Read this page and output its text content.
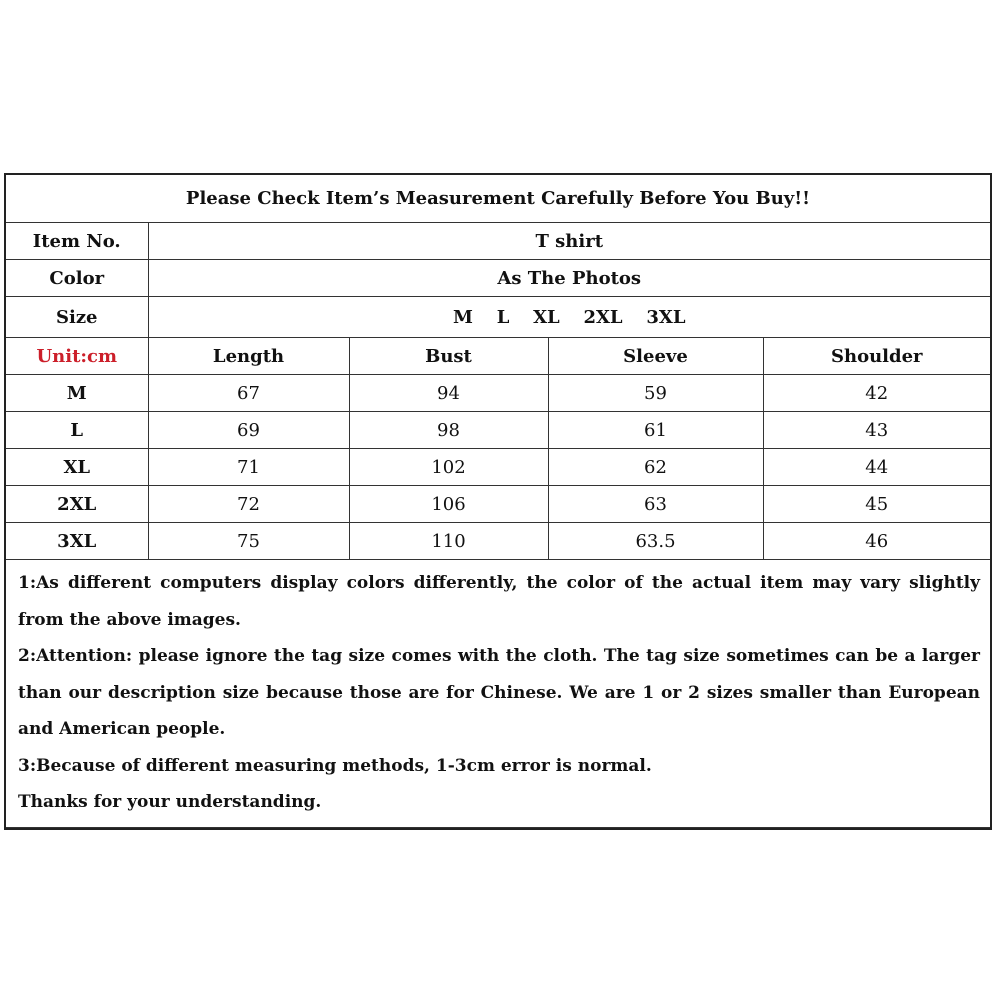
Please Check Item’s Measurement Carefully Before You Buy!!				
Item No.	T shirt			
Color	As The Photos			
Size	M L XL 2XL 3XL			
Unit:cm	Length	Bust	Sleeve	Shoulder
M	67	94	59	42
L	69	98	61	43
XL	71	102	62	44
2XL	72	106	63	45
3XL	75	110	63.5	46

1:As different computers display colors differently, the color of the actual item may vary slightly from the above images.

2:Attention: please ignore the tag size comes with the cloth. The tag size sometimes can be a larger than our description size because those are for Chinese. We are 1 or 2 sizes smaller than European and American people.

3:Because of different measuring methods, 1-3cm error is normal.

Thanks for your understanding.				
